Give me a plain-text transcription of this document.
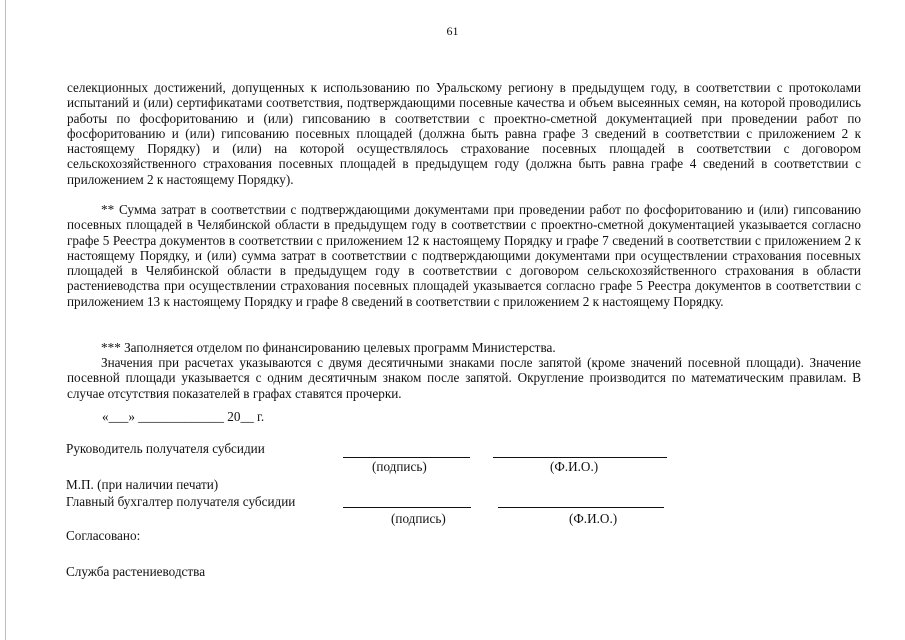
61

селекционных достижений, допущенных к использованию по Уральскому региону в предыдущем году, в соответствии с протоколами испытаний и (или) сертификатами соответствия, подтверждающими посевные качества и объем высеянных семян, на которой проводились работы по фосфоритованию и (или) гипсованию в соответствии с проектно-сметной документацией при проведении работ по фосфоритованию и (или) гипсованию посевных площадей (должна быть равна графе 3 сведений в соответствии с приложением 2 к настоящему Порядку) и (или) на которой осуществлялось страхование посевных площадей в соответствии с договором сельскохозяйственного страхования посевных площадей в предыдущем году (должна быть равна графе 4 сведений в соответствии с приложением 2 к настоящему Порядку).

** Сумма затрат в соответствии с подтверждающими документами при проведении работ по фосфоритованию и (или) гипсованию посевных площадей в Челябинской области в предыдущем году в соответствии с проектно-сметной документацией указывается согласно графе 5 Реестра документов в соответствии с приложением 12 к настоящему Порядку и графе 7 сведений в соответствии с приложением 2 к настоящему Порядку, и (или) сумма затрат в соответствии с подтверждающими документами при осуществлении страхования посевных площадей в Челябинской области в предыдущем году в соответствии с договором сельскохозяйственного страхования в области растениеводства при осуществлении страхования посевных площадей указывается согласно графе 5 Реестра документов в соответствии с приложением 13 к настоящему Порядку и графе 8 сведений в соответствии с приложением 2 к настоящему Порядку.

*** Заполняется отделом по финансированию целевых программ Министерства.

Значения при расчетах указываются с двумя десятичными знаками после запятой (кроме значений посевной площади). Значение посевной площади указывается с одним десятичным знаком после запятой. Округление производится по математическим правилам. В случае отсутствия показателей в графах ставятся прочерки.

«___» _____________ 20__ г.
Руководитель получателя субсидии
(подпись)	(Ф.И.О.)
М.П. (при наличии печати)
Главный бухгалтер получателя субсидии
(подпись)	(Ф.И.О.)
Согласовано:
Служба растениеводства
